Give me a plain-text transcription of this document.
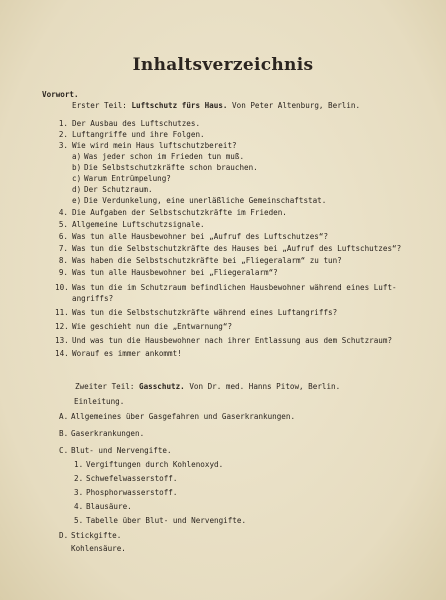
Inhaltsverzeichnis
Vorwort.
Erster Teil: Luftschutz fürs Haus. Von Peter Altenburg, Berlin.
1. Der Ausbau des Luftschutzes.
2. Luftangriffe und ihre Folgen.
3. Wie wird mein Haus luftschutzbereit?
a) Was jeder schon im Frieden tun muß.
b) Die Selbstschutzkräfte schon brauchen.
c) Warum Entrümpelung?
d) Der Schutzraum.
e) Die Verdunkelung, eine unerläßliche Gemeinschaftstat.
4. Die Aufgaben der Selbstschutzkräfte im Frieden.
5. Allgemeine Luftschutzsignale.
6. Was tun alle Hausbewohner bei „Aufruf des Luftschutzes“?
7. Was tun die Selbstschutzkräfte des Hauses bei „Aufruf des Luftschutzes“?
8. Was haben die Selbstschutzkräfte bei „Fliegeralarm“ zu tun?
9. Was tun alle Hausbewohner bei „Fliegeralarm“?
10. Was tun die im Schutzraum befindlichen Hausbewohner während eines Luft-
angriffs?
11. Was tun die Selbstschutzkräfte während eines Luftangriffs?
12. Wie geschieht nun die „Entwarnung“?
13. Und was tun die Hausbewohner nach ihrer Entlassung aus dem Schutzraum?
14. Worauf es immer ankommt!
Zweiter Teil: Gasschutz. Von Dr. med. Hanns Pitow, Berlin.
Einleitung.
A. Allgemeines über Gasgefahren und Gaserkrankungen.
B. Gaserkrankungen.
C. Blut- und Nervengifte.
1. Vergiftungen durch Kohlenoxyd.
2. Schwefelwasserstoff.
3. Phosphorwasserstoff.
4. Blausäure.
5. Tabelle über Blut- und Nervengifte.
D. Stickgifte.
Kohlensäure.
